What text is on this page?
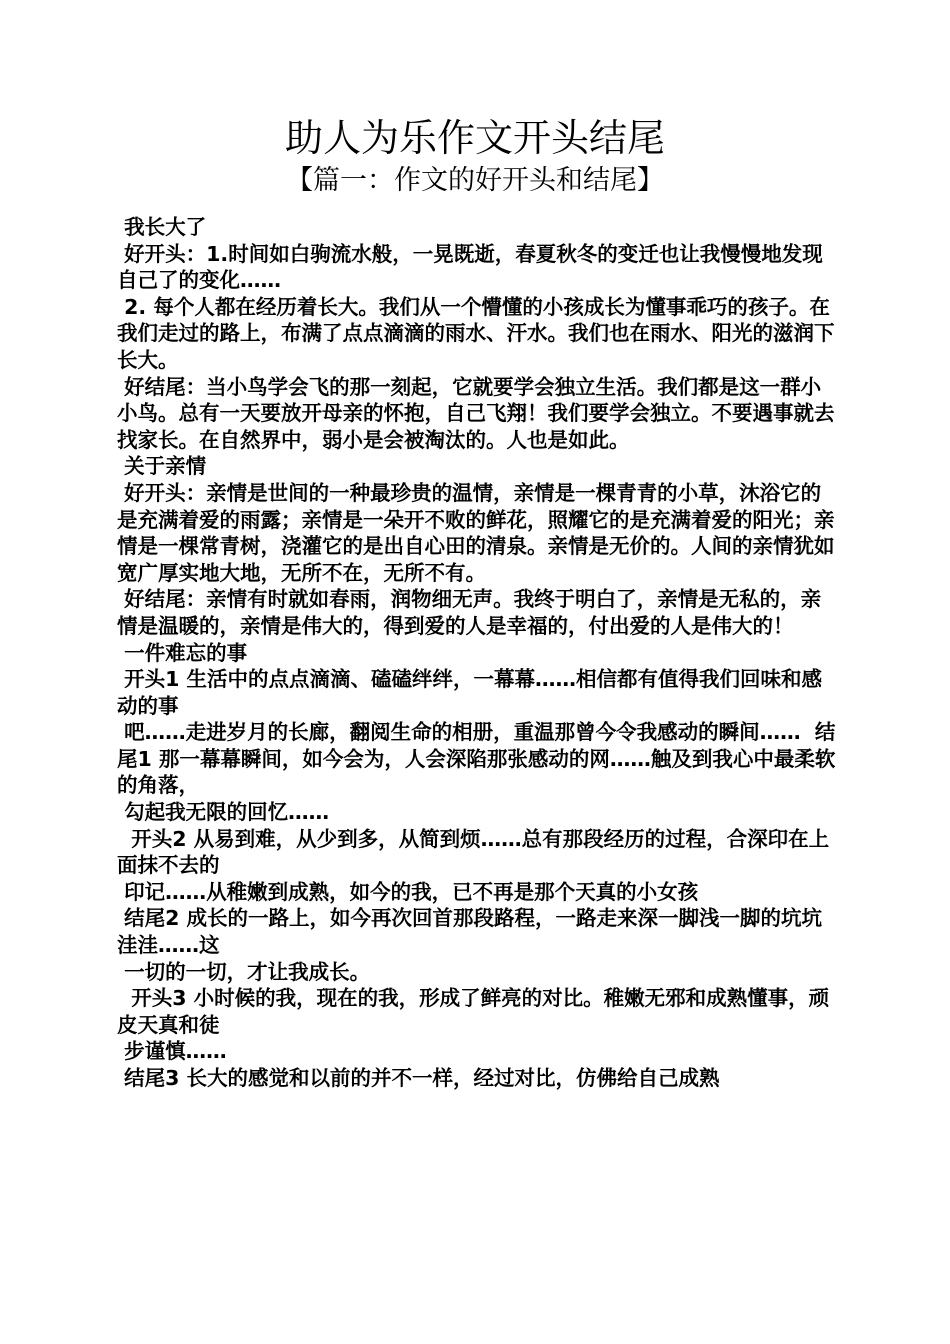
助人为乐作文开头结尾
【篇一：作文的好开头和结尾】

我长大了

好开头：1.时间如白驹流水般，一晃既逝，春夏秋冬的变迁也让我慢慢地发现自己了的变化……

2. 每个人都在经历着长大。我们从一个懵懂的小孩成长为懂事乖巧的孩子。在我们走过的路上，布满了点点滴滴的雨水、汗水。我们也在雨水、阳光的滋润下长大。

好结尾：当小鸟学会飞的那一刻起，它就要学会独立生活。我们都是这一群小小鸟。总有一天要放开母亲的怀抱，自己飞翔！我们要学会独立。不要遇事就去找家长。在自然界中，弱小是会被淘汰的。人也是如此。

关于亲情

好开头：亲情是世间的一种最珍贵的温情，亲情是一棵青青的小草，沐浴它的是充满着爱的雨露；亲情是一朵开不败的鲜花，照耀它的是充满着爱的阳光；亲情是一棵常青树，浇灌它的是出自心田的清泉。亲情是无价的。人间的亲情犹如宽广厚实地大地，无所不在，无所不有。

好结尾：亲情有时就如春雨，润物细无声。我终于明白了，亲情是无私的，亲情是温暖的，亲情是伟大的，得到爱的人是幸福的，付出爱的人是伟大的！

一件难忘的事

开头1 生活中的点点滴滴、磕磕绊绊，一幕幕……相信都有值得我们回味和感动的事

吧……走进岁月的长廊，翻阅生命的相册，重温那曾今令我感动的瞬间……  结尾1 那一幕幕瞬间，如今会为，人会深陷那张感动的网……触及到我心中最柔软的角落，

勾起我无限的回忆……

开头2 从易到难，从少到多，从简到烦……总有那段经历的过程，合深印在上面抹不去的

印记……从稚嫩到成熟，如今的我，已不再是那个天真的小女孩

结尾2 成长的一路上，如今再次回首那段路程，一路走来深一脚浅一脚的坑坑洼洼……这

一切的一切，才让我成长。

开头3 小时候的我，现在的我，形成了鲜亮的对比。稚嫩无邪和成熟懂事，顽皮天真和徒

步谨慎……

结尾3 长大的感觉和以前的并不一样，经过对比，仿佛给自己成熟
